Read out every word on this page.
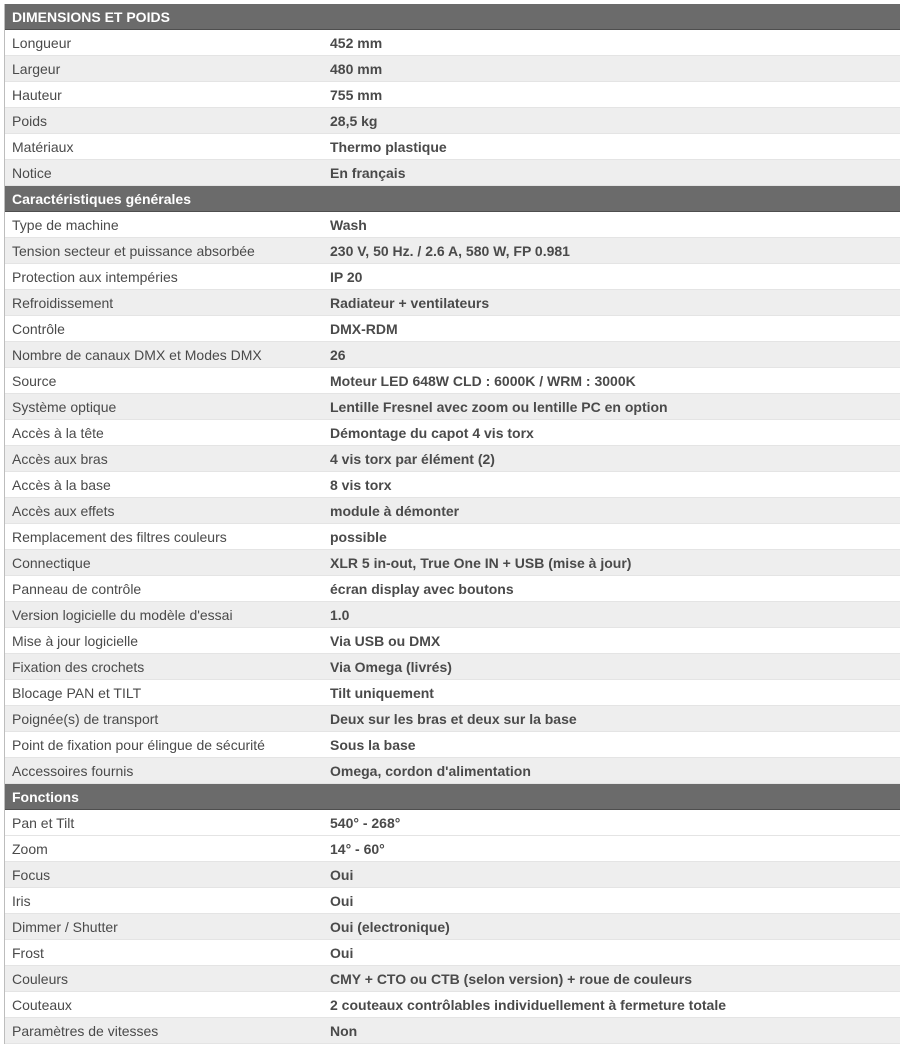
DIMENSIONS ET POIDS
Longueur	452 mm
Largeur	480 mm
Hauteur	755 mm
Poids	28,5 kg
Matériaux	Thermo plastique
Notice	En français
Caractéristiques générales
Type de machine	Wash
Tension secteur et puissance absorbée	230 V, 50 Hz. / 2.6 A, 580 W, FP 0.981
Protection aux intempéries	IP 20
Refroidissement	Radiateur + ventilateurs
Contrôle	DMX-RDM
Nombre de canaux DMX et Modes DMX	26
Source	Moteur LED 648W CLD : 6000K / WRM : 3000K
Système optique	Lentille Fresnel avec zoom ou lentille PC en option
Accès à la tête	Démontage du capot 4 vis torx
Accès aux bras	4 vis torx par élément (2)
Accès à la base	8 vis torx
Accès aux effets	module à démonter
Remplacement des filtres couleurs	possible
Connectique	XLR 5 in-out, True One IN + USB (mise à jour)
Panneau de contrôle	écran display avec boutons
Version logicielle du modèle d'essai	1.0
Mise à jour logicielle	Via USB ou DMX
Fixation des crochets	Via Omega (livrés)
Blocage PAN et TILT	Tilt uniquement
Poignée(s) de transport	Deux sur les bras et deux sur la base
Point de fixation pour élingue de sécurité	Sous la base
Accessoires fournis	Omega, cordon d'alimentation
Fonctions
Pan et Tilt	540° - 268°
Zoom	14° - 60°
Focus	Oui
Iris	Oui
Dimmer / Shutter	Oui (electronique)
Frost	Oui
Couleurs	CMY + CTO ou CTB (selon version) + roue de couleurs
Couteaux	2 couteaux contrôlables individuellement à fermeture totale
Paramètres de vitesses	Non
